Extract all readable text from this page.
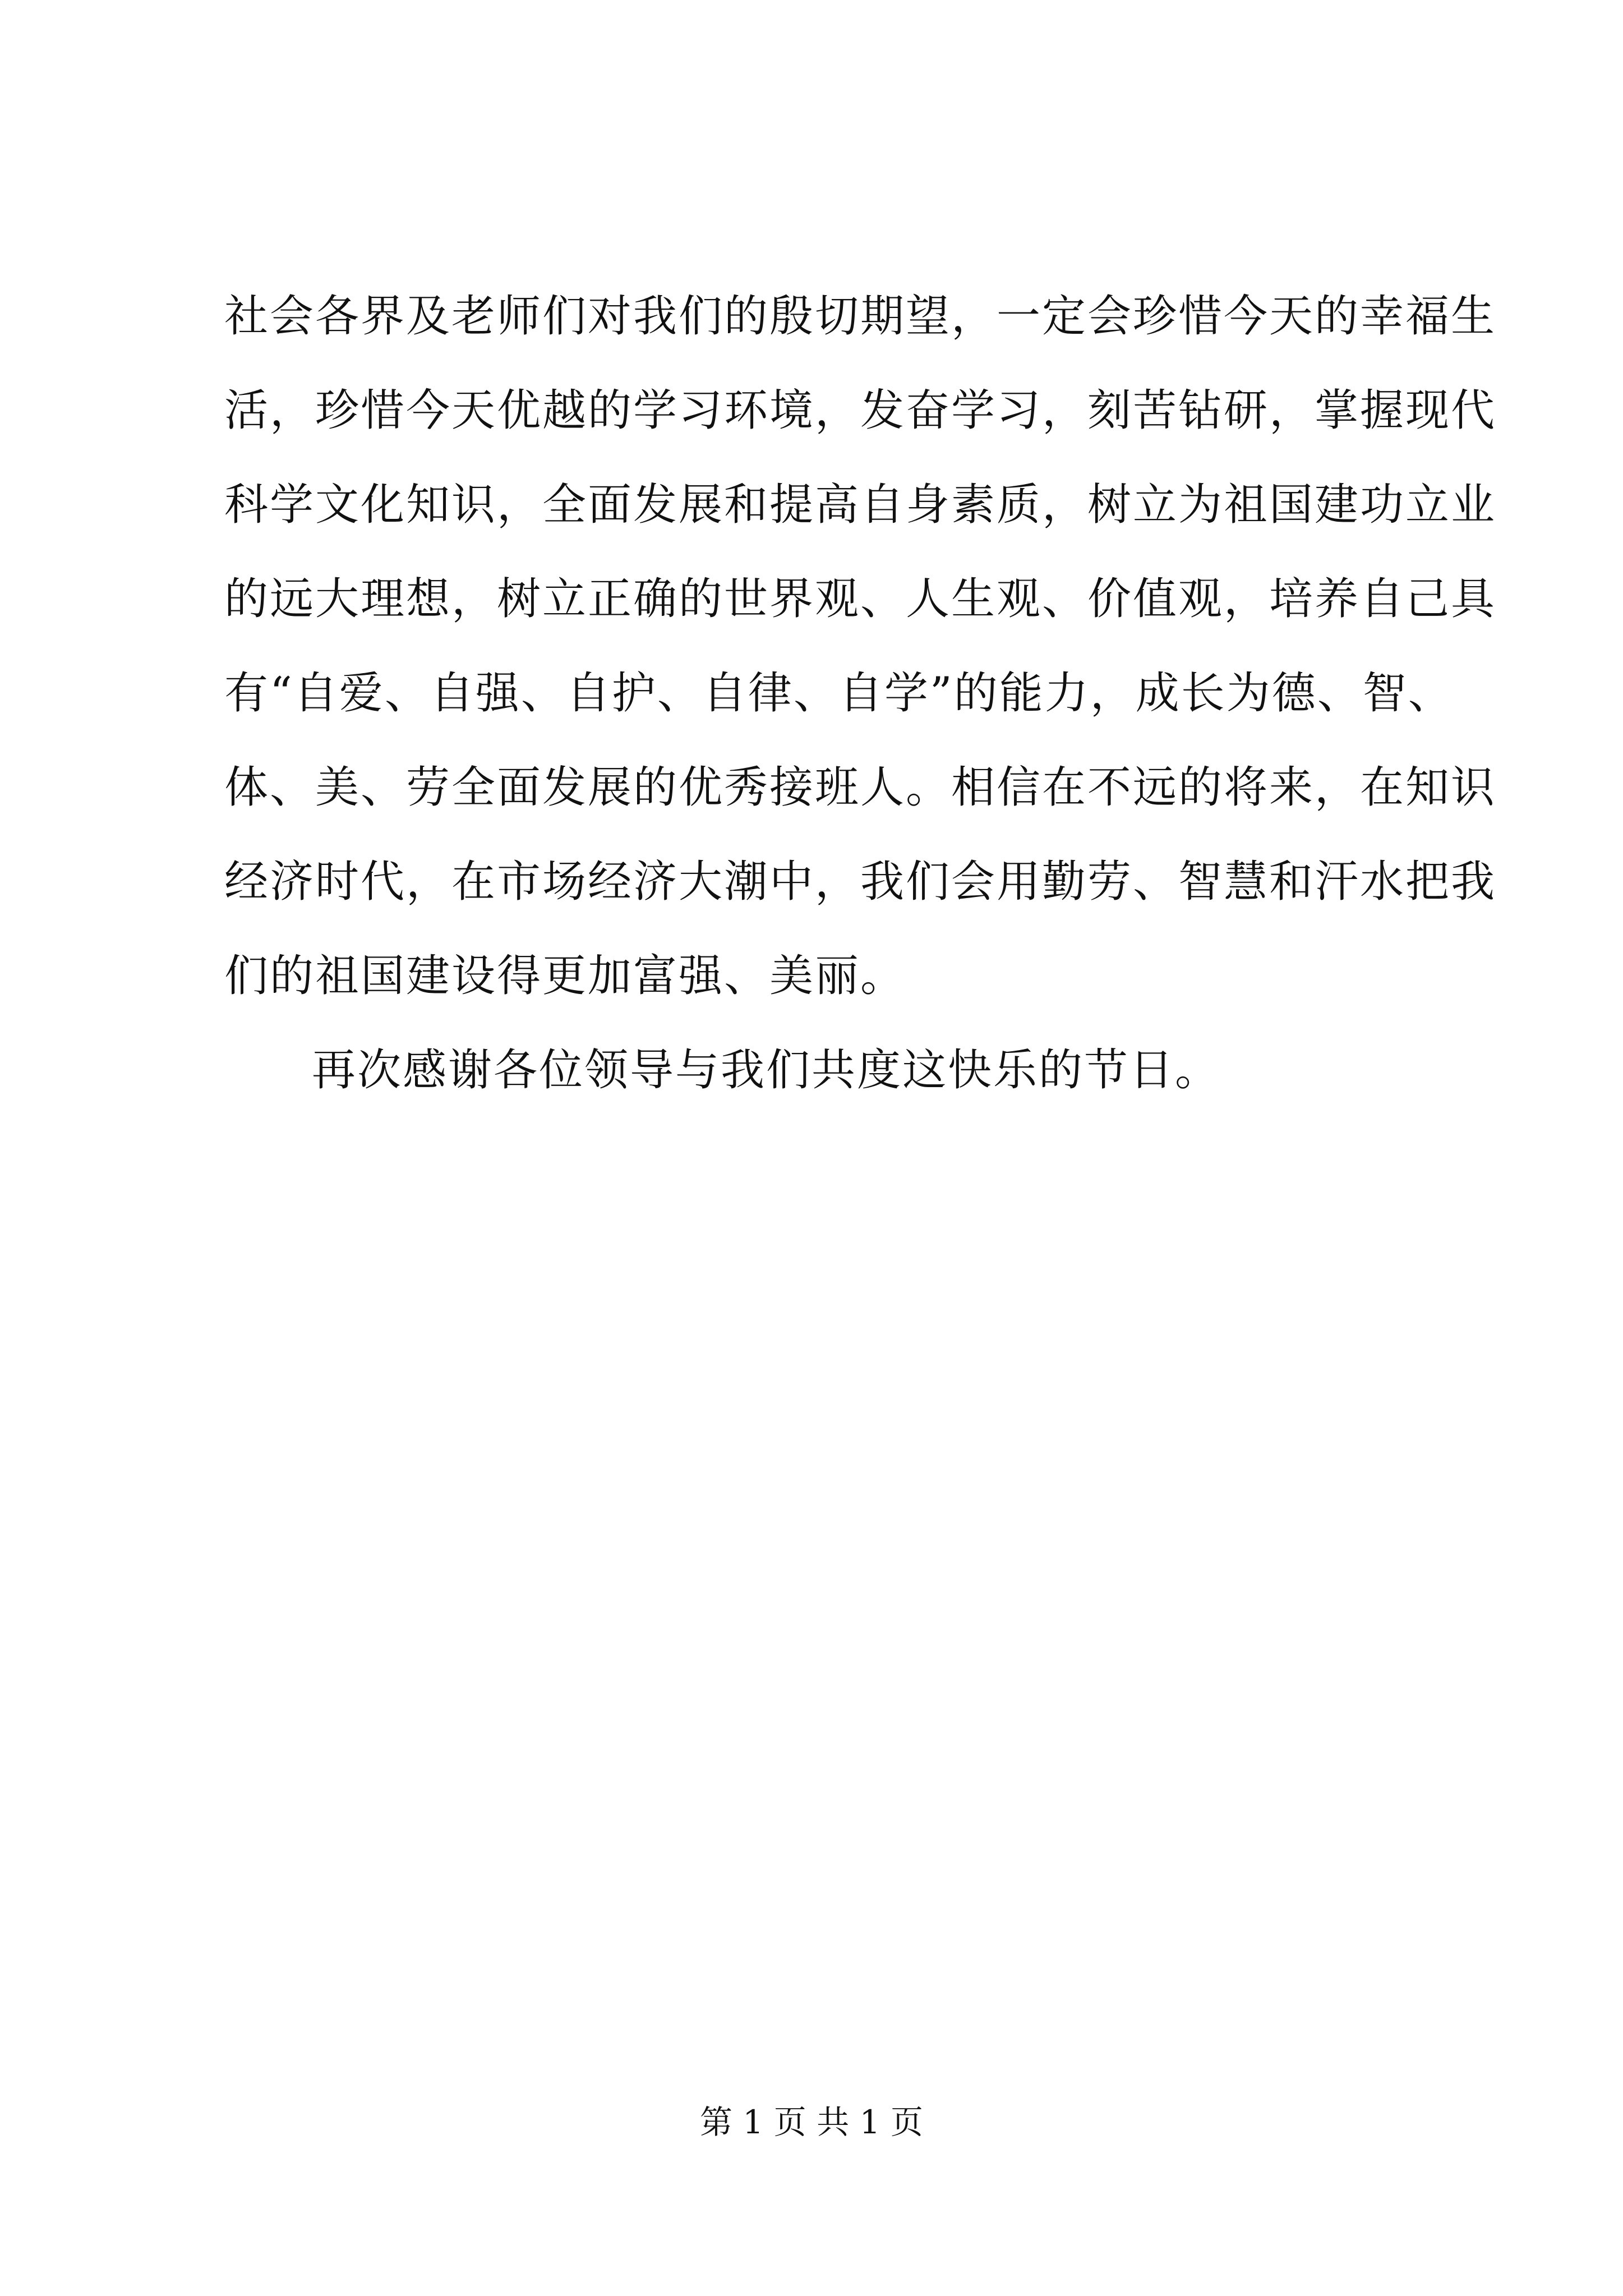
社会各界及老师们对我们的殷切期望，一定会珍惜今天的幸福生
活，珍惜今天优越的学习环境，发奋学习，刻苦钻研，掌握现代
科学文化知识，全面发展和提高自身素质，树立为祖国建功立业
的远大理想，树立正确的世界观、人生观、价值观，培养自己具
有“自爱、自强、自护、自律、自学”的能力，成长为德、智、
体、美、劳全面发展的优秀接班人。相信在不远的将来，在知识
经济时代，在市场经济大潮中，我们会用勤劳、智慧和汗水把我
们的祖国建设得更加富强、美丽。
再次感谢各位领导与我们共度这快乐的节日。
第 1 页 共 1 页
